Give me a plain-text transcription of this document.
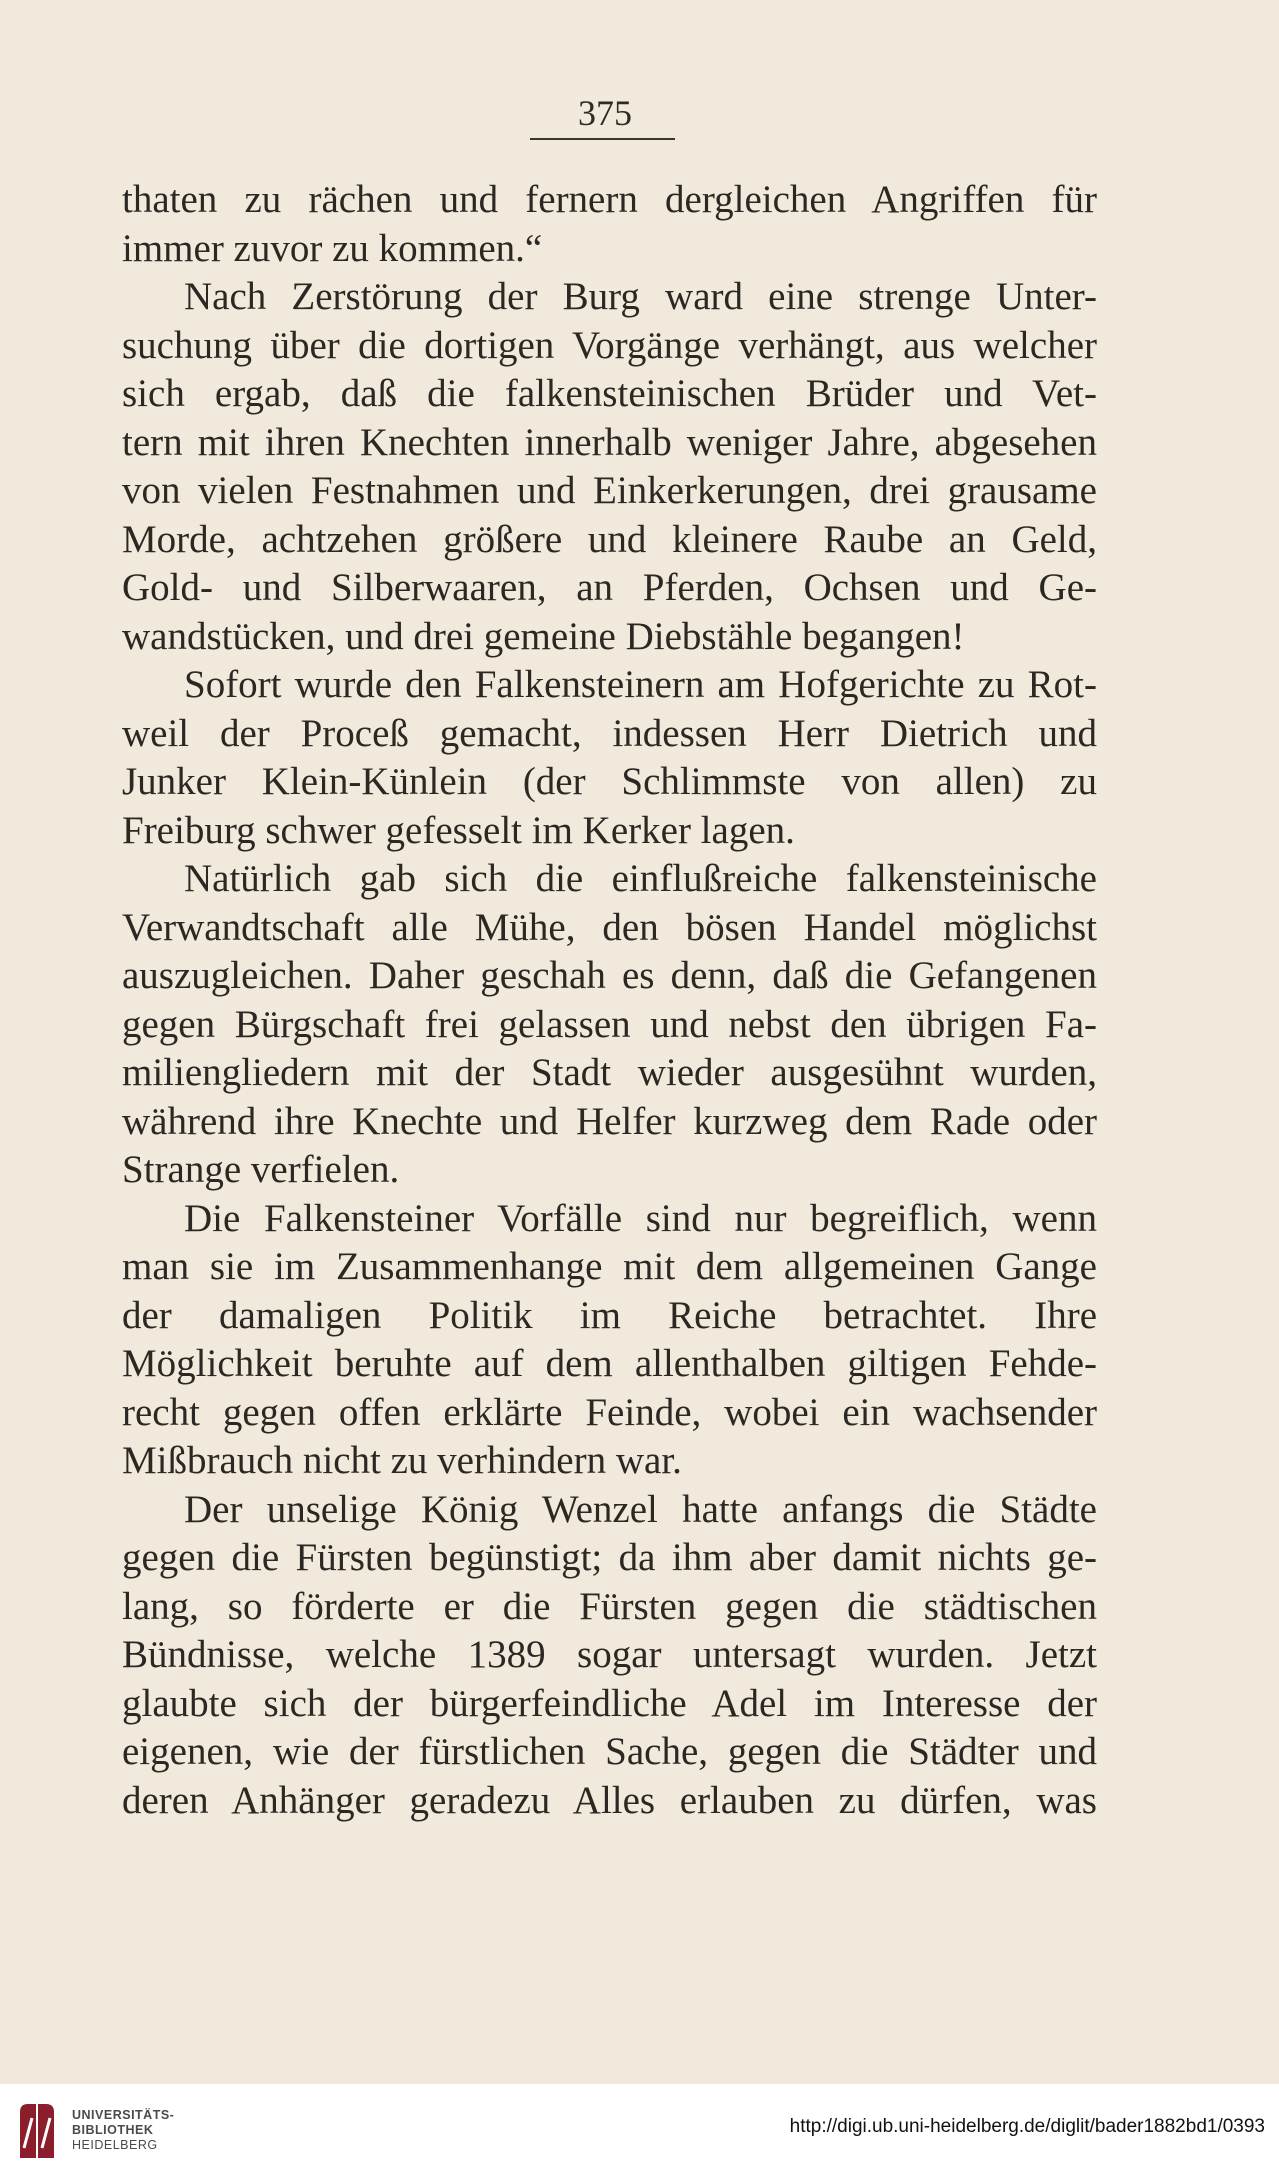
375
thaten zu rächen und fernern dergleichen Angriffen für
immer zuvor zu kommen.“
Nach Zerstörung der Burg ward eine strenge Unter-
suchung über die dortigen Vorgänge verhängt, aus welcher
sich ergab, daß die falkensteinischen Brüder und Vet-
tern mit ihren Knechten innerhalb weniger Jahre, abgesehen
von vielen Festnahmen und Einkerkerungen, drei grausame
Morde, achtzehen größere und kleinere Raube an Geld,
Gold- und Silberwaaren, an Pferden, Ochsen und Ge-
wandstücken, und drei gemeine Diebstähle begangen!
Sofort wurde den Falkensteinern am Hofgerichte zu Rot-
weil der Proceß gemacht, indessen Herr Dietrich und
Junker Klein-Künlein (der Schlimmste von allen) zu
Freiburg schwer gefesselt im Kerker lagen.
Natürlich gab sich die einflußreiche falkensteinische
Verwandtschaft alle Mühe, den bösen Handel möglichst
auszugleichen. Daher geschah es denn, daß die Gefangenen
gegen Bürgschaft frei gelassen und nebst den übrigen Fa-
miliengliedern mit der Stadt wieder ausgesühnt wurden,
während ihre Knechte und Helfer kurzweg dem Rade oder
Strange verfielen.
Die Falkensteiner Vorfälle sind nur begreiflich, wenn
man sie im Zusammenhange mit dem allgemeinen Gange
der damaligen Politik im Reiche betrachtet. Ihre
Möglichkeit beruhte auf dem allenthalben giltigen Fehde-
recht gegen offen erklärte Feinde, wobei ein wachsender
Mißbrauch nicht zu verhindern war.
Der unselige König Wenzel hatte anfangs die Städte
gegen die Fürsten begünstigt; da ihm aber damit nichts ge-
lang, so förderte er die Fürsten gegen die städtischen
Bündnisse, welche 1389 sogar untersagt wurden. Jetzt
glaubte sich der bürgerfeindliche Adel im Interesse der
eigenen, wie der fürstlichen Sache, gegen die Städter und
deren Anhänger geradezu Alles erlauben zu dürfen, was
UNIVERSITÄTS-
BIBLIOTHEK
HEIDELBERG
http://digi.ub.uni-heidelberg.de/diglit/bader1882bd1/0393
